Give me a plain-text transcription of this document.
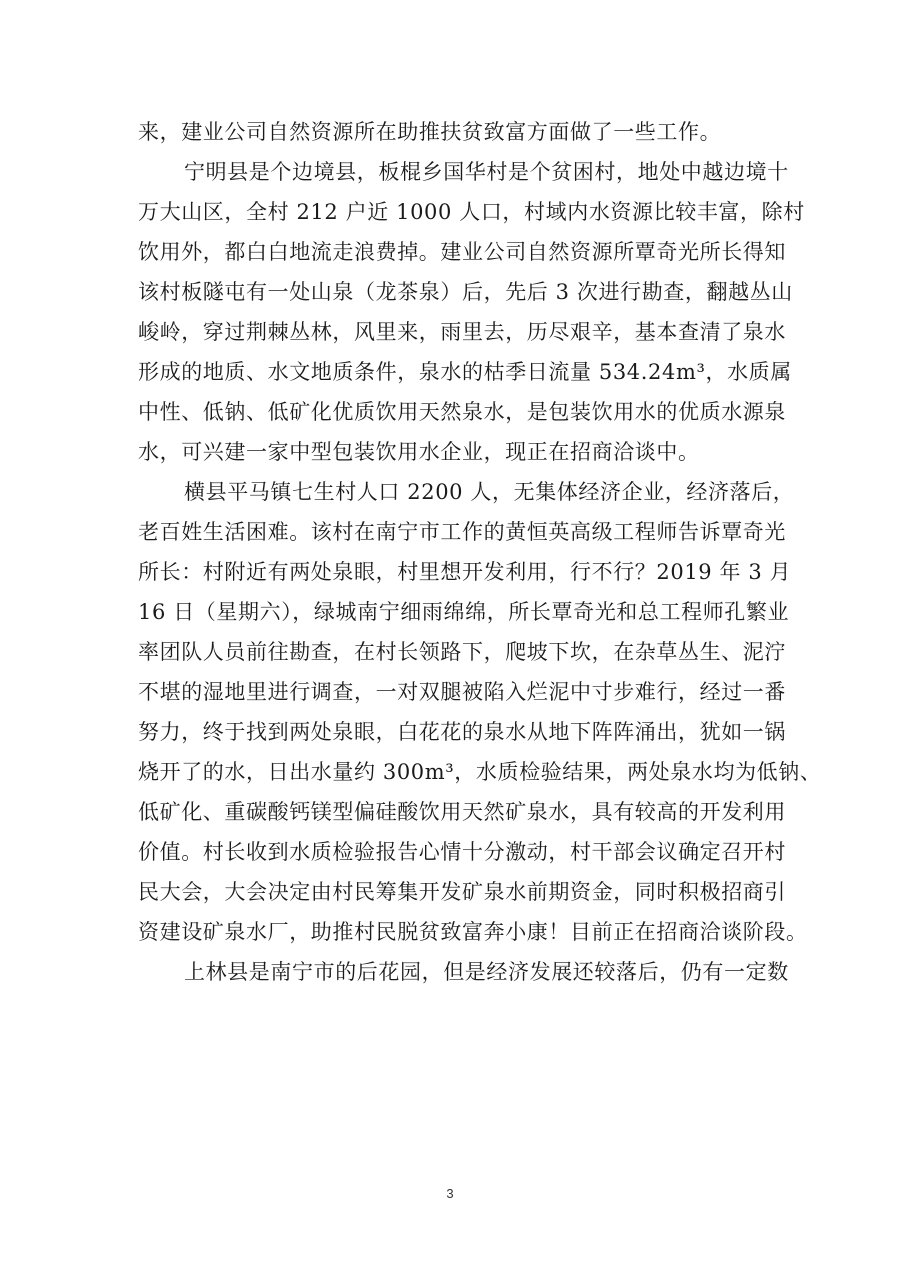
来，建业公司自然资源所在助推扶贫致富方面做了一些工作。
宁明县是个边境县，板棍乡国华村是个贫困村，地处中越边境十
万大山区，全村 212 户近 1000 人口，村域内水资源比较丰富，除村
饮用外，都白白地流走浪费掉。建业公司自然资源所覃奇光所长得知
该村板隧屯有一处山泉（龙茶泉）后，先后 3 次进行勘查，翻越丛山
峻岭，穿过荆棘丛林，风里来，雨里去，历尽艰辛，基本查清了泉水
形成的地质、水文地质条件，泉水的枯季日流量 534.24m³，水质属
中性、低钠、低矿化优质饮用天然泉水，是包装饮用水的优质水源泉
水，可兴建一家中型包装饮用水企业，现正在招商洽谈中。
横县平马镇七生村人口 2200 人，无集体经济企业，经济落后，
老百姓生活困难。该村在南宁市工作的黄恒英高级工程师告诉覃奇光
所长：村附近有两处泉眼，村里想开发利用，行不行？2019 年 3 月
16 日（星期六），绿城南宁细雨绵绵，所长覃奇光和总工程师孔繁业
率团队人员前往勘查，在村长领路下，爬坡下坎，在杂草丛生、泥泞
不堪的湿地里进行调查，一对双腿被陷入烂泥中寸步难行，经过一番
努力，终于找到两处泉眼，白花花的泉水从地下阵阵涌出，犹如一锅
烧开了的水，日出水量约 300m³，水质检验结果，两处泉水均为低钠、
低矿化、重碳酸钙镁型偏硅酸饮用天然矿泉水，具有较高的开发利用
价值。村长收到水质检验报告心情十分激动，村干部会议确定召开村
民大会，大会决定由村民筹集开发矿泉水前期资金，同时积极招商引
资建设矿泉水厂，助推村民脱贫致富奔小康！目前正在招商洽谈阶段。
上林县是南宁市的后花园，但是经济发展还较落后，仍有一定数
3
